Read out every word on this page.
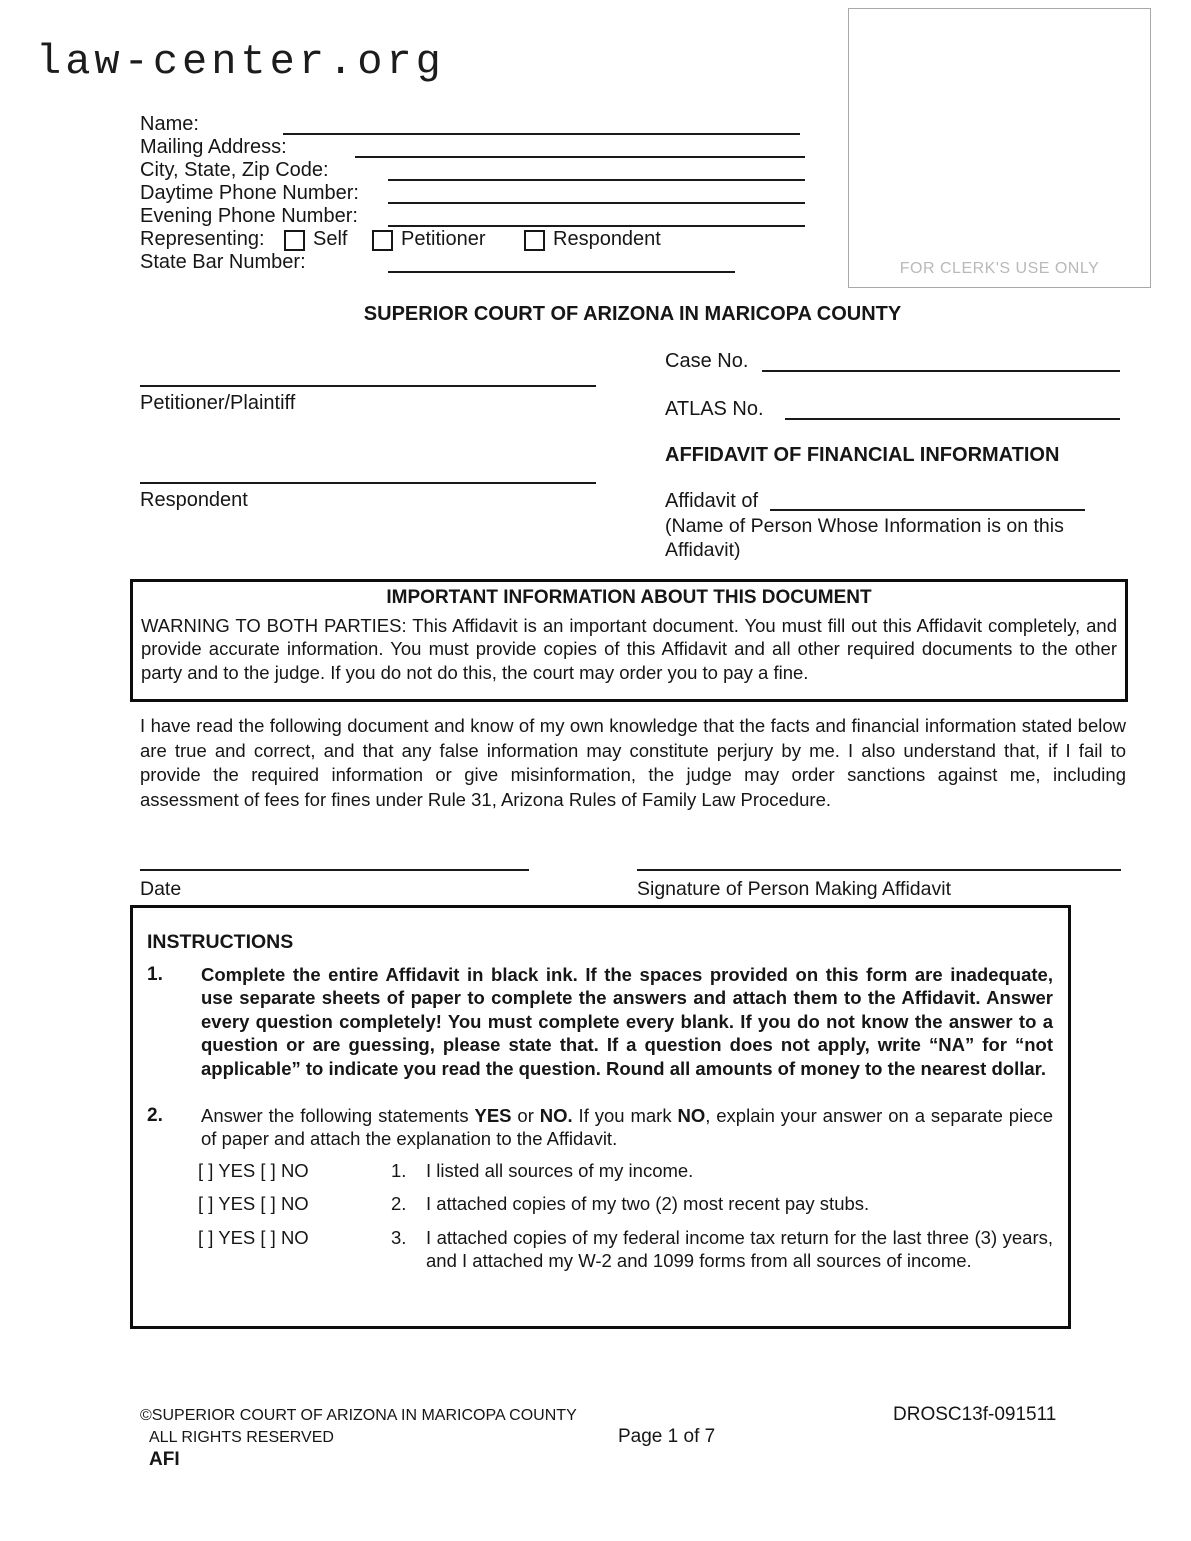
law-center.org
FOR CLERK'S USE ONLY
Name:
Mailing Address:
City, State, Zip Code:
Daytime Phone Number:
Evening Phone Number:
Representing: Self	Petitioner	Respondent
State Bar Number:
SUPERIOR COURT OF ARIZONA IN MARICOPA COUNTY
Petitioner/Plaintiff
Respondent
Case No.
ATLAS No.
AFFIDAVIT OF FINANCIAL INFORMATION
Affidavit of
(Name of Person Whose Information is on this
Affidavit)
IMPORTANT INFORMATION ABOUT THIS DOCUMENT
WARNING TO BOTH PARTIES: This Affidavit is an important document. You must fill out this Affidavit completely, and provide accurate information. You must provide copies of this Affidavit and all other required documents to the other party and to the judge. If you do not do this, the court may order you to pay a fine.
I have read the following document and know of my own knowledge that the facts and financial information stated below are true and correct, and that any false information may constitute perjury by me. I also understand that, if I fail to provide the required information or give misinformation, the judge may order sanctions against me, including assessment of fees for fines under Rule 31, Arizona Rules of Family Law Procedure.
Date	Signature of Person Making Affidavit
INSTRUCTIONS
1.	Complete the entire Affidavit in black ink. If the spaces provided on this form are inadequate, use separate sheets of paper to complete the answers and attach them to the Affidavit. Answer every question completely! You must complete every blank. If you do not know the answer to a question or are guessing, please state that. If a question does not apply, write “NA” for “not applicable” to indicate you read the question. Round all amounts of money to the nearest dollar.
2.	Answer the following statements YES or NO. If you mark NO, explain your answer on a separate piece of paper and attach the explanation to the Affidavit.
[ ] YES [ ] NO	1.	I listed all sources of my income.
[ ] YES [ ] NO	2.	I attached copies of my two (2) most recent pay stubs.
[ ] YES [ ] NO	3.	I attached copies of my federal income tax return for the last three (3) years, and I attached my W-2 and 1099 forms from all sources of income.
©SUPERIOR COURT OF ARIZONA IN MARICOPA COUNTY
ALL RIGHTS RESERVED
AFI
Page 1 of 7
DROSC13f-091511
